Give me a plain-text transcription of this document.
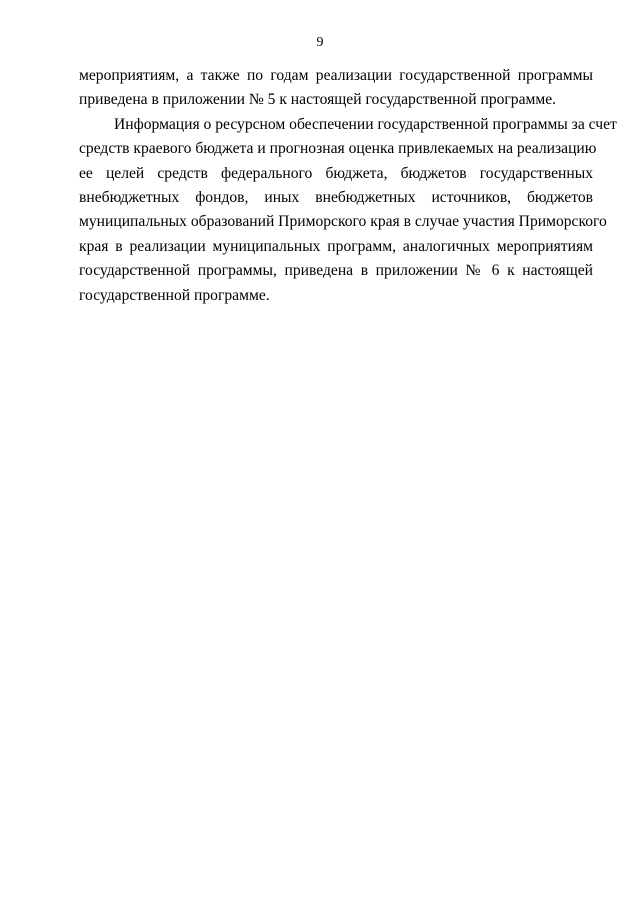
9
мероприятиям, а также по годам реализации государственной программы
приведена в приложении № 5 к настоящей государственной программе.
Информация о ресурсном обеспечении государственной программы за счет
средств краевого бюджета и прогнозная оценка привлекаемых на реализацию
ее целей средств федерального бюджета, бюджетов государственных
внебюджетных фондов, иных внебюджетных источников, бюджетов
муниципальных образований Приморского края в случае участия Приморского
края в реализации муниципальных программ, аналогичных мероприятиям
государственной программы, приведена в приложении № 6 к настоящей
государственной программе.
